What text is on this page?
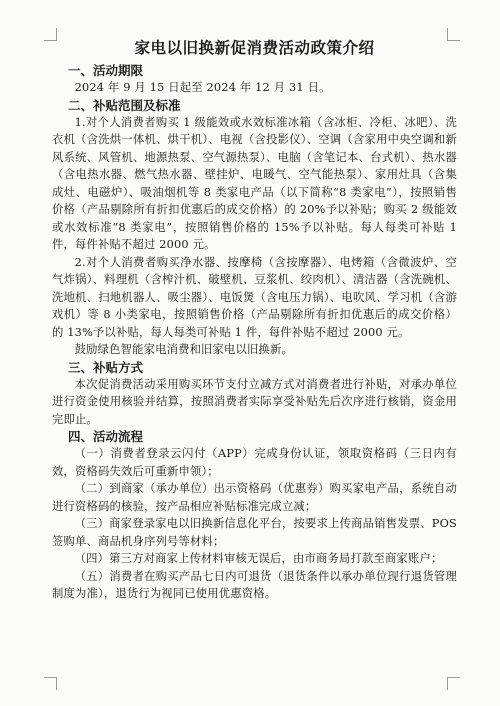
家电以旧换新促消费活动政策介绍
一、活动期限

2024 年 9 月 15 日起至 2024 年 12 月 31 日。

二、补贴范围及标准

1.对个人消费者购买 1 级能效或水效标准冰箱（含冰柜、冷柜、冰吧）、洗衣机（含洗烘一体机、烘干机）、电视（含投影仪）、空调（含家用中央空调和新风系统、风管机、地源热泵、空气源热泵）、电脑（含笔记本、台式机）、热水器（含电热水器、燃气热水器、壁挂炉、电暖气、空气能热泵）、家用灶具（含集成灶、电磁炉）、吸油烟机等 8 类家电产品（以下简称“8 类家电”），按照销售价格（产品剔除所有折扣优惠后的成交价格）的 20%予以补贴；购买 2 级能效或水效标准“8 类家电”，按照销售价格的 15%予以补贴。每人每类可补贴 1 件，每件补贴不超过 2000 元。

2.对个人消费者购买净水器、按摩椅（含按摩器）、电烤箱（含微波炉、空气炸锅）、料理机（含榨汁机、破壁机、豆浆机、绞肉机）、清洁器（含洗碗机、洗地机、扫地机器人、吸尘器）、电饭煲（含电压力锅）、电吹风、学习机（含游戏机）等 8 小类家电，按照销售价格（产品剔除所有折扣优惠后的成交价格）的 13%予以补贴，每人每类可补贴 1 件，每件补贴不超过 2000 元。

鼓励绿色智能家电消费和旧家电以旧换新。

三、补贴方式

本次促消费活动采用购买环节支付立减方式对消费者进行补贴，对承办单位进行资金使用核验并结算，按照消费者实际享受补贴先后次序进行核销，资金用完即止。

四、活动流程

（一）消费者登录云闪付（APP）完成身份认证，领取资格码（三日内有效，资格码失效后可重新申领）；

（二）到商家（承办单位）出示资格码（优惠券）购买家电产品，系统自动进行资格码的核验，按产品相应补贴标准完成立减；

（三）商家登录家电以旧换新信息化平台，按要求上传商品销售发票、POS 签购单、商品机身序列号等材料；

（四）第三方对商家上传材料审核无误后，由市商务局打款至商家账户；

（五）消费者在购买产品七日内可退货（退货条件以承办单位现行退货管理制度为准），退货行为视同已使用优惠资格。
